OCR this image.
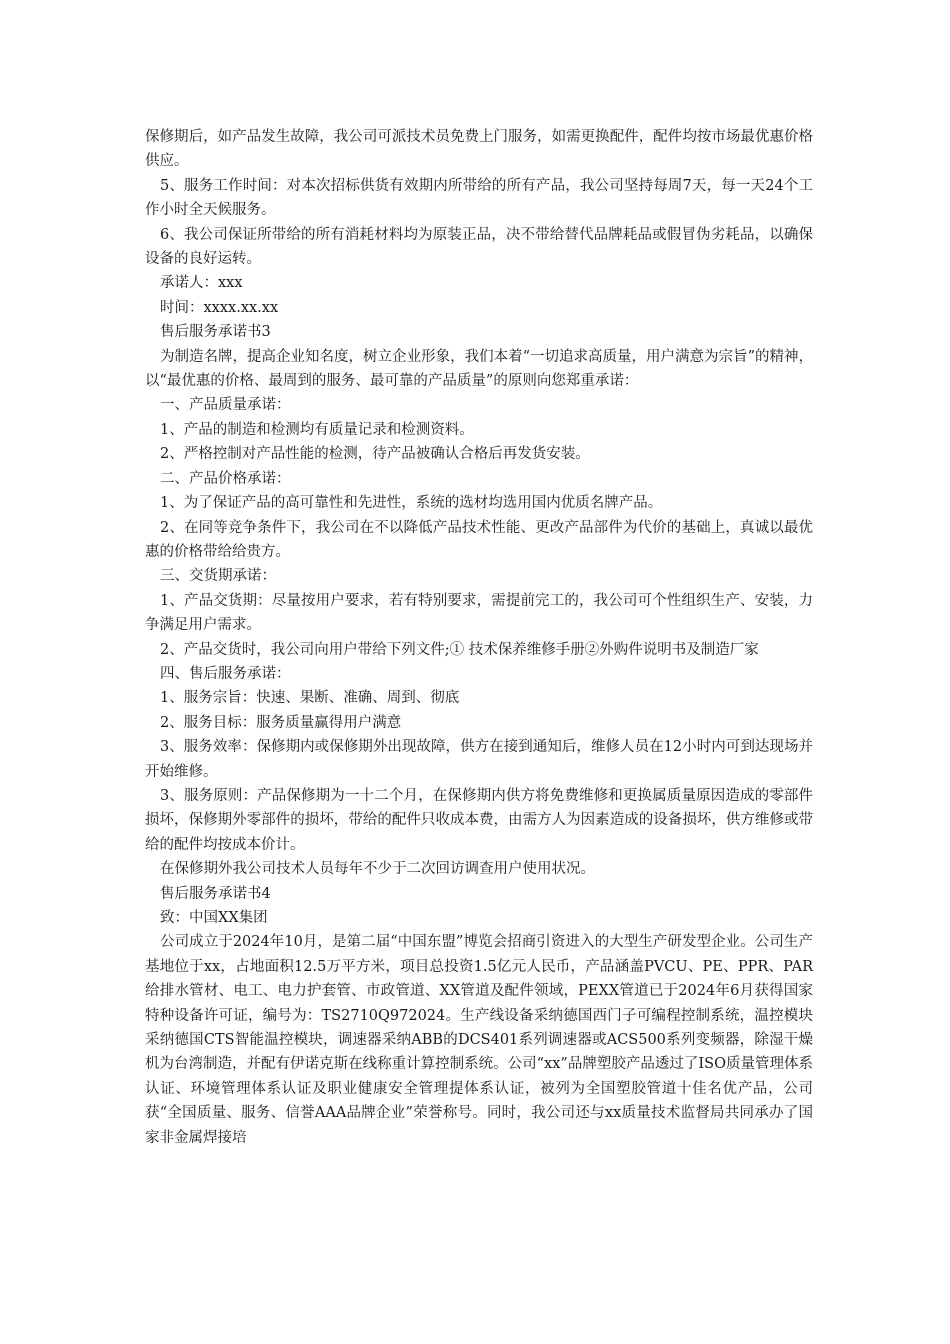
保修期后，如产品发生故障，我公司可派技术员免费上门服务，如需更换配件，配件均按市场最优惠价格供应。

5、服务工作时间：对本次招标供货有效期内所带给的所有产品，我公司坚持每周7天，每一天24个工作小时全天候服务。

6、我公司保证所带给的所有消耗材料均为原装正品，决不带给替代品牌耗品或假冒伪劣耗品，以确保设备的良好运转。

承诺人：xxx

时间：xxxx.xx.xx

售后服务承诺书3

为制造名牌，提高企业知名度，树立企业形象，我们本着“一切追求高质量，用户满意为宗旨”的精神，以“最优惠的价格、最周到的服务、最可靠的产品质量”的原则向您郑重承诺：

一、产品质量承诺：

1、产品的制造和检测均有质量记录和检测资料。

2、严格控制对产品性能的检测，待产品被确认合格后再发货安装。

二、产品价格承诺：

1、为了保证产品的高可靠性和先进性，系统的选材均选用国内优质名牌产品。

2、在同等竞争条件下，我公司在不以降低产品技术性能、更改产品部件为代价的基础上，真诚以最优惠的价格带给给贵方。

三、交货期承诺：

1、产品交货期：尽量按用户要求，若有特别要求，需提前完工的，我公司可个性组织生产、安装，力争满足用户需求。

2、产品交货时，我公司向用户带给下列文件;① 技术保养维修手册②外购件说明书及制造厂家

四、售后服务承诺：

1、服务宗旨：快速、果断、准确、周到、彻底

2、服务目标：服务质量赢得用户满意

3、服务效率：保修期内或保修期外出现故障，供方在接到通知后，维修人员在12小时内可到达现场并开始维修。

3、服务原则：产品保修期为一十二个月，在保修期内供方将免费维修和更换属质量原因造成的零部件损坏，保修期外零部件的损坏，带给的配件只收成本费，由需方人为因素造成的设备损坏，供方维修或带给的配件均按成本价计。

在保修期外我公司技术人员每年不少于二次回访调查用户使用状况。

售后服务承诺书4

致：中国XX集团

公司成立于2024年10月，是第二届“中国东盟”博览会招商引资进入的大型生产研发型企业。公司生产基地位于xx，占地面积12.5万平方米，项目总投资1.5亿元人民币，产品涵盖PVCU、PE、PPR、PAR给排水管材、电工、电力护套管、市政管道、XX管道及配件领域，PEXX管道已于2024年6月获得国家特种设备许可证，编号为：TS2710Q972024。生产线设备采纳德国西门子可编程控制系统，温控模块采纳德国CTS智能温控模块，调速器采纳ABB的DCS401系列调速器或ACS500系列变频器，除湿干燥机为台湾制造，并配有伊诺克斯在线称重计算控制系统。公司“xx”品牌塑胶产品透过了ISO质量管理体系认证、环境管理体系认证及职业健康安全管理提体系认证，被列为全国塑胶管道十佳名优产品，公司获“全国质量、服务、信誉AAA品牌企业”荣誉称号。同时，我公司还与xx质量技术监督局共同承办了国家非金属焊接培
